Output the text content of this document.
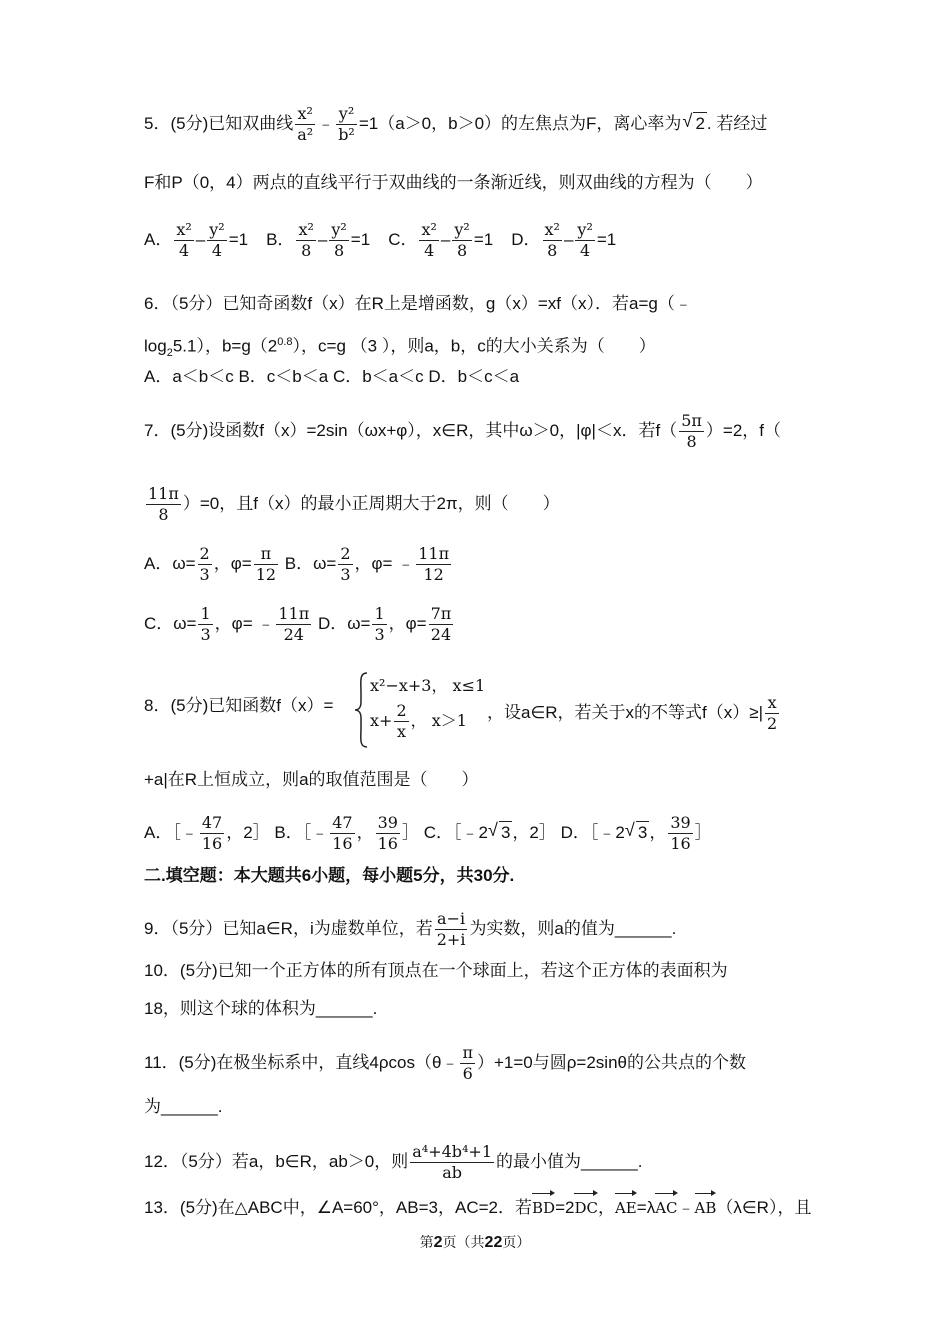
5．(5分)已知双曲线 $\frac{\text{x²}}{\text{a²}}$ ﹣ $\frac{\text{y²}}{\text{b²}} =1(a>0$，b＞0）的左焦点为F，离心率为 √ 2 . 若经过
F和P（0，4）两点的直线平行于双曲线的一条渐近线，则双曲线的方程为（　　）
A． $\frac{\text{x²}}{4} - \frac{\text{y²}}{4} =1$ B． $\frac{\text{x²}}{8} - \frac{\text{y²}}{8} =1$ C． $\frac{\text{x²}}{4} - \frac{\text{y²}}{8} =1$ D． $\frac{\text{x²}}{8} - \frac{\text{y²}}{4} =1$
6．（5分）已知奇函数f（x）在R上是增函数，g（x）=xf（x）．若a=g（﹣
$\log_25.1$），$b=g(2^{0.8})$，c=g （3 ），则a，b，c的大小关系为（　　）
A．a＜b＜c B．c＜b＜a C．b＜a＜c D．b＜c＜a
7．(5分)设函数f（x）=2sin（ωx+φ），x∈R，其中ω＞0，|φ|＜x．若$f( \frac{5\pi}{8} )=2$，f（
$\frac{11\pi}{8} )=0$，且f（x）的最小正周期大于2π，则（　　）
A．$\omega= \frac{2}{3}$ ，$\varphi= \frac{\pi}{12}$ B．$\omega= \frac{2}{3}$ ，φ= ﹣ $\frac{11\pi}{12}$
C．$\omega= \frac{1}{3}$ ，φ= ﹣ $\frac{11\pi}{24}$ D．$\omega= \frac{1}{3}$ ，$\varphi= \frac{7\pi}{24}$
8．(5分)已知函数f（x）=
x²−x+3， x≤1
$x+ \frac{2}{x}$ ， x＞1 ，设a∈R，若关于x的不等式$f(x)\ge| \frac{x}{2}$
+a|在R上恒成立，则a的取值范围是（　　）
A．［﹣ $\frac{47}{16}$ ，2］ B．［﹣ $\frac{47}{16}$ ， $\frac{39}{16}$ ］ C．［﹣2 √ 3 ，2］ D．［﹣2 √ 3 ， $\frac{39}{16}$ ］
二.填空题：本大题共6小题，每小题5分，共30分.
9．（5分）已知a∈R，i为虚数单位，若 $\frac{a-i}{2+i}$ 为实数，则a的值为______.
10．(5分)已知一个正方体的所有顶点在一个球面上，若这个正方体的表面积为
18，则这个球的体积为______.
11．(5分)在极坐标系中，直线4ρcos（θ﹣ $\frac{\pi}{6} )+1=0$与圆ρ=2sinθ的公共点的个数
为______.
12．（5分）若a，b∈R，ab＞0，则 $\frac{\text{a⁴+4b⁴+1}}{ab}$ 的最小值为______.
13．(5分)在△ABC中，∠A=60°，AB=3，AC=2．若BD=2DC，AE=λAC﹣AB（λ∈R），且
第2页（共22页）
